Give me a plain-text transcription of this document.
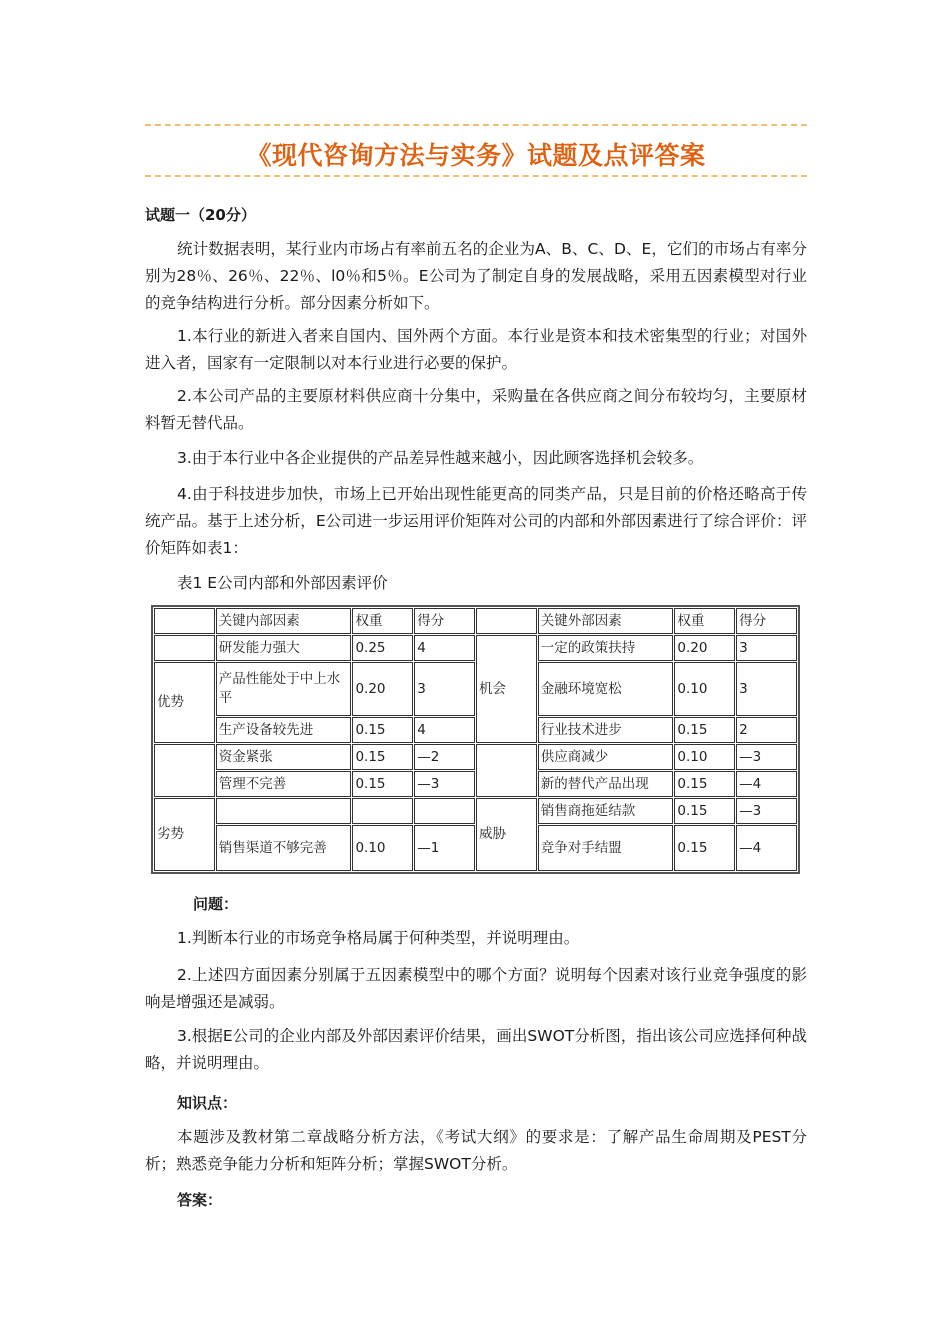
《现代咨询方法与实务》试题及点评答案
试题一（20分）
统计数据表明，某行业内市场占有率前五名的企业为A、B、C、D、E，它们的市场占有率分别为28％、26％、22％、l0％和5％。E公司为了制定自身的发展战略，采用五因素模型对行业的竞争结构进行分析。部分因素分析如下。
1.本行业的新进入者来自国内、国外两个方面。本行业是资本和技术密集型的行业；对国外进入者，国家有一定限制以对本行业进行必要的保护。
2.本公司产品的主要原材料供应商十分集中，采购量在各供应商之间分布较均匀，主要原材料暂无替代品。
3.由于本行业中各企业提供的产品差异性越来越小，因此顾客选择机会较多。
4.由于科技进步加快，市场上已开始出现性能更高的同类产品，只是目前的价格还略高于传统产品。基于上述分析，E公司进一步运用评价矩阵对公司的内部和外部因素进行了综合评价：评价矩阵如表1：
表1 E公司内部和外部因素评价
	关键内部因素	权重	得分		关键外部因素	权重	得分
	研发能力强大	0.25	4	机会	一定的政策扶持	0.20	3
优势	产品性能处于中上水平	0.20	3		金融环境宽松	0.10	3
	生产设备较先进	0.15	4		行业技术进步	0.15	2
	资金紧张	0.15	—2		供应商减少	0.10	—3
	管理不完善	0.15	—3		新的替代产品出现	0.15	—4
劣势				威胁	销售商拖延结款	0.15	—3
	销售渠道不够完善	0.10	—1		竞争对手结盟	0.15	—4
问题：
1.判断本行业的市场竞争格局属于何种类型，并说明理由。
2.上述四方面因素分别属于五因素模型中的哪个方面？说明每个因素对该行业竞争强度的影响是增强还是减弱。
3.根据E公司的企业内部及外部因素评价结果，画出SWOT分析图，指出该公司应选择何种战略，并说明理由。
知识点：
本题涉及教材第二章战略分析方法，《考试大纲》的要求是：了解产品生命周期及PEST分析；熟悉竞争能力分析和矩阵分析；掌握SWOT分析。
答案：
